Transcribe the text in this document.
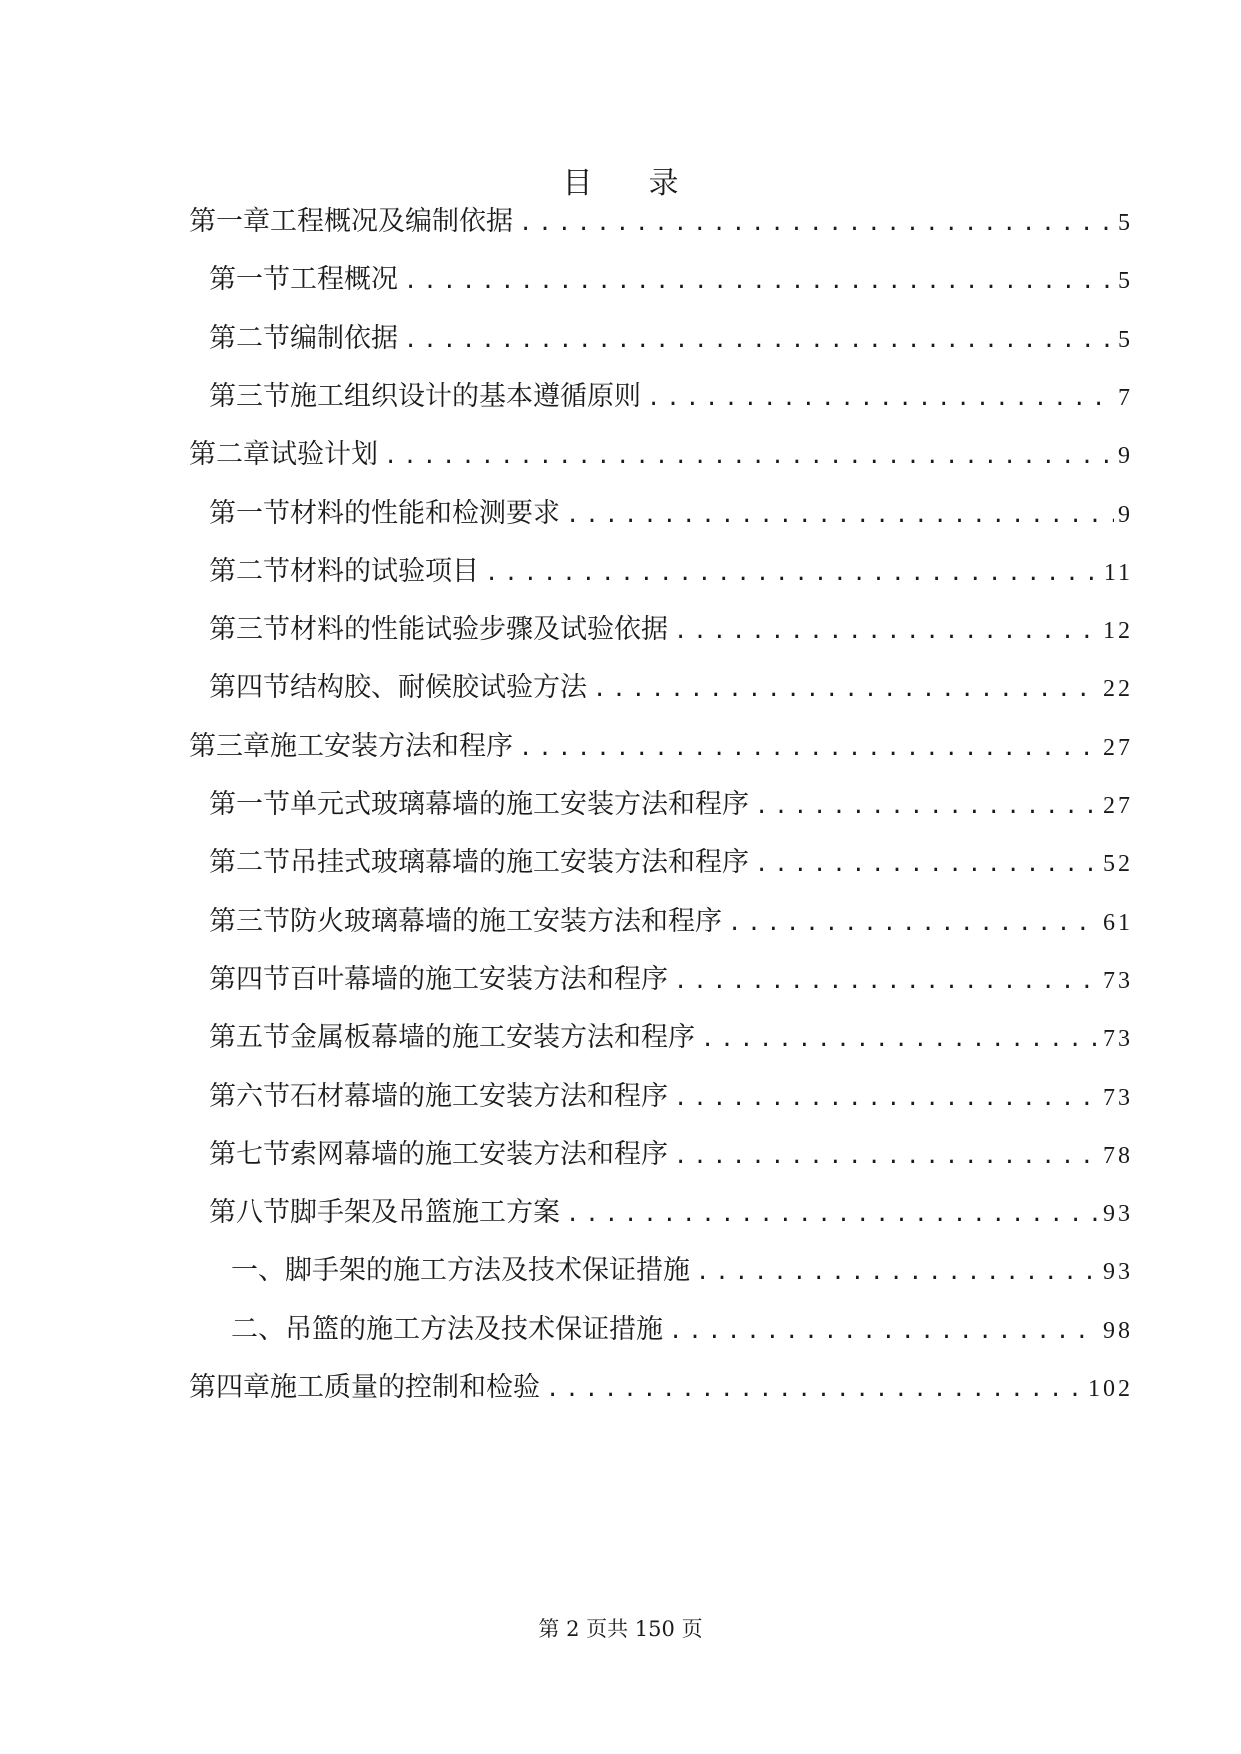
目 录
第一章 工程概况及编制依据 .....	5
第一节 工程概况 .....	5
第二节 编制依据 .....	5
第三节 施工组织设计的基本遵循原则 .....	7
第二章 试验计划 .....	9
第一节 材料的性能和检测要求 .....	9
第二节 材料的试验项目 .....	11
第三节 材料的性能试验步骤及试验依据 .....	12
第四节 结构胶、耐候胶试验方法 .....	22
第三章 施工安装方法和程序 .....	27
第一节 单元式玻璃幕墙的施工安装方法和程序 .....	27
第二节 吊挂式玻璃幕墙的施工安装方法和程序 .....	52
第三节 防火玻璃幕墙的施工安装方法和程序 .....	61
第四节 百叶幕墙的施工安装方法和程序 .....	73
第五节 金属板幕墙的施工安装方法和程序 .....	73
第六节 石材幕墙的施工安装方法和程序 .....	73
第七节 索网幕墙的施工安装方法和程序 .....	78
第八节 脚手架及吊篮施工方案 .....	93
一、脚手架的施工方法及技术保证措施 .....	93
二、吊篮的施工方法及技术保证措施 .....	98
第四章 施工质量的控制和检验 .....	102
第 2 页共 150 页
